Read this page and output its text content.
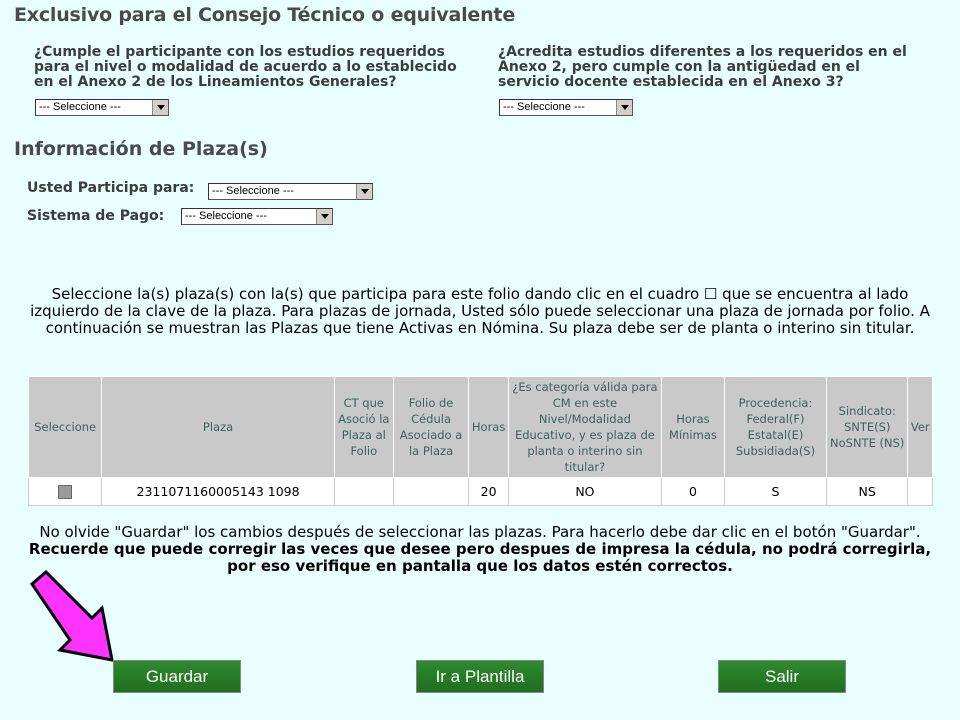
Exclusivo para el Consejo Técnico o equivalente
¿Cumple el participante con los estudios requeridos
para el nivel o modalidad de acuerdo a lo establecido
en el Anexo 2 de los Lineamientos Generales?
--- Seleccione ---
¿Acredita estudios diferentes a los requeridos en el
Anexo 2, pero cumple con la antigüedad en el
servicio docente establecida en el Anexo 3?
--- Seleccione ---
Información de Plaza(s)
Usted Participa para:	--- Seleccione ---
Sistema de Pago:	--- Seleccione ---
Seleccione la(s) plaza(s) con la(s) que participa para este folio dando clic en el cuadro ☐ que se encuentra al lado izquierdo de la clave de la plaza. Para plazas de jornada, Usted sólo puede seleccionar una plaza de jornada por folio. A continuación se muestran las Plazas que tiene Activas en Nómina. Su plaza debe ser de planta o interino sin titular.
Seleccione	Plaza	CT que Asoció la Plaza al Folio	Folio de Cédula Asociado a la Plaza	Horas	¿Es categoría válida para CM en este Nivel/Modalidad Educativo, y es plaza de planta o interino sin titular?	Horas Mínimas	Procedencia: Federal(F) Estatal(E) Subsidiada(S)	Sindicato: SNTE(S) NoSNTE (NS)	Ver
	2311071160005143 1098			20	NO	0	S	NS	
No olvide "Guardar" los cambios después de seleccionar las plazas. Para hacerlo debe dar clic en el botón "Guardar". Recuerde que puede corregir las veces que desee pero despues de impresa la cédula, no podrá corregirla, por eso verifique en pantalla que los datos estén correctos.
Guardar	Ir a Plantilla	Salir
